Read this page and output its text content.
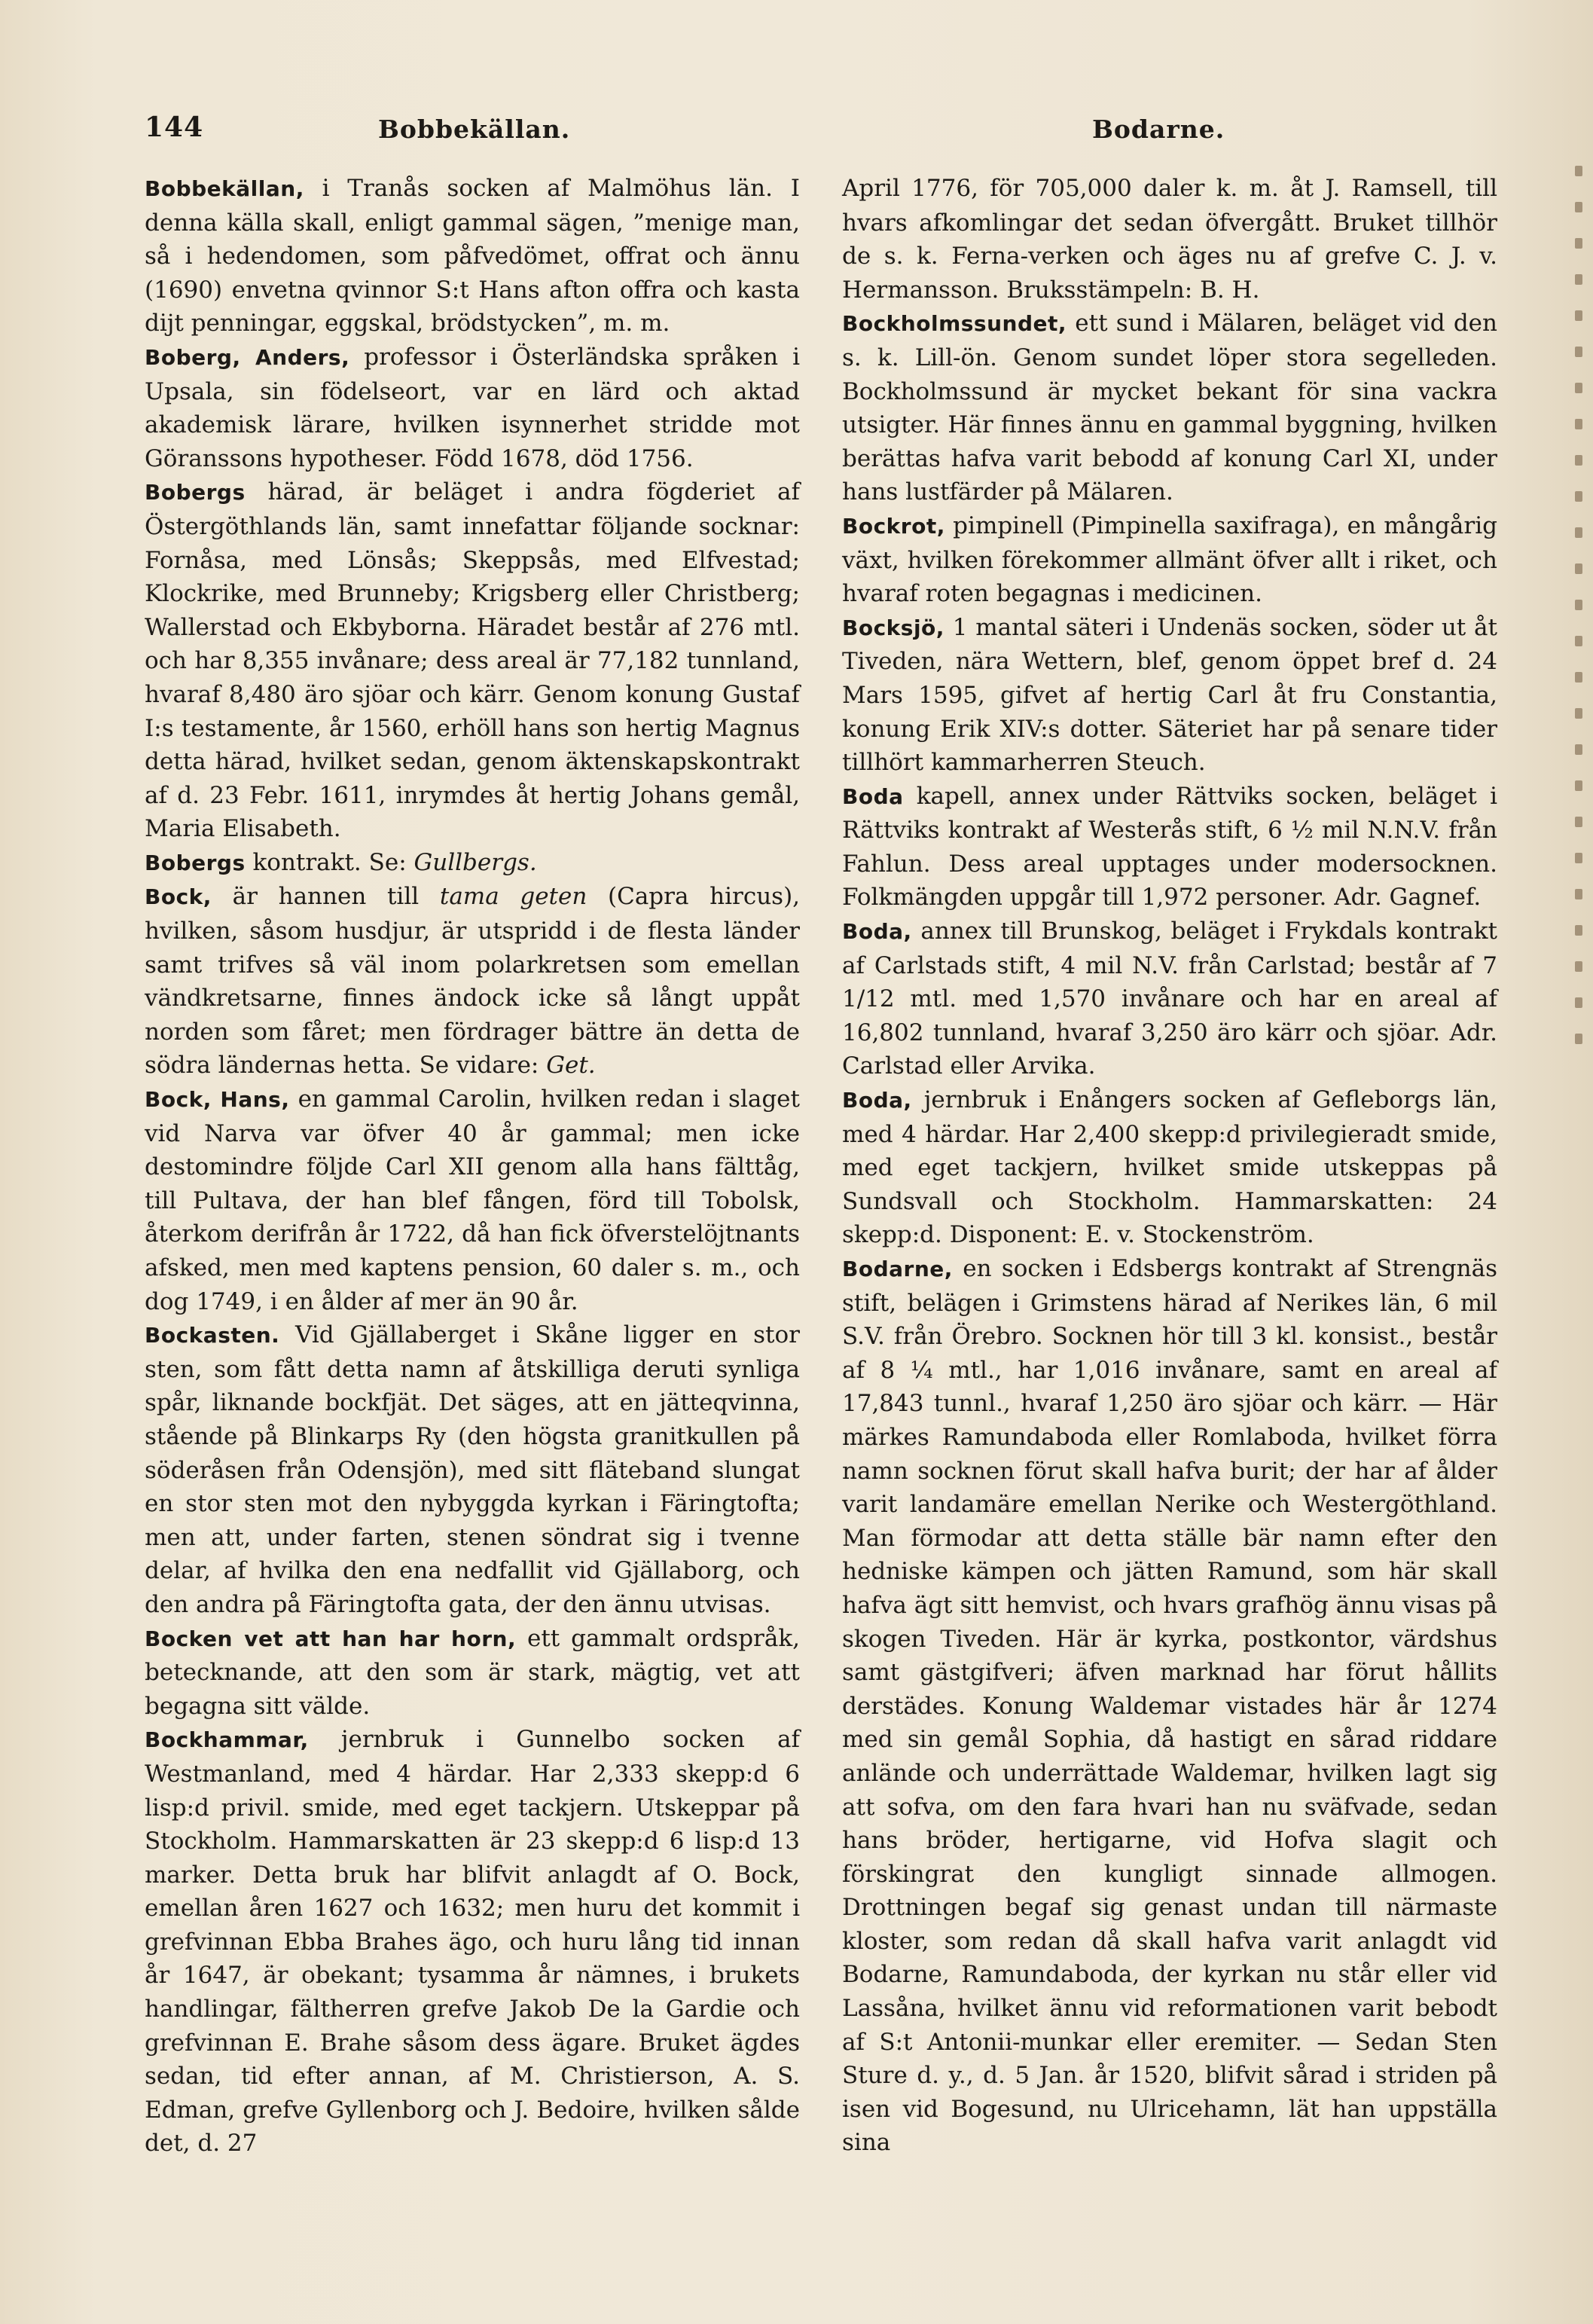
144	Bobbekällan.	Bodarne.

Bobbekällan, i Tranås socken af Malmöhus län. I denna källa skall, enligt gammal sägen, ”menige man, så i hedendomen, som påfvedömet, offrat och ännu (1690) envetna qvinnor S:t Hans afton offra och kasta dijt penningar, eggskal, brödstycken”, m. m.

Boberg, Anders, professor i Österländska språken i Upsala, sin födelseort, var en lärd och aktad akademisk lärare, hvilken isynnerhet stridde mot Göranssons hypotheser. Född 1678, död 1756.

Bobergs härad, är beläget i andra fögderiet af Östergöthlands län, samt innefattar följande socknar: Fornåsa, med Lönsås; Skeppsås, med Elfvestad; Klockrike, med Brunneby; Krigsberg eller Christberg; Wallerstad och Ekbyborna. Häradet består af 276 mtl. och har 8,355 invånare; dess areal är 77,182 tunnland, hvaraf 8,480 äro sjöar och kärr. Genom konung Gustaf I:s testamente, år 1560, erhöll hans son hertig Magnus detta härad, hvilket sedan, genom äktenskapskontrakt af d. 23 Febr. 1611, inrymdes åt hertig Johans gemål, Maria Elisabeth.

Bobergs kontrakt. Se: Gullbergs.

Bock, är hannen till tama geten (Capra hircus), hvilken, såsom husdjur, är utspridd i de flesta länder samt trifves så väl inom polarkretsen som emellan vändkretsarne, finnes ändock icke så långt uppåt norden som fåret; men fördrager bättre än detta de södra ländernas hetta. Se vidare: Get.

Bock, Hans, en gammal Carolin, hvilken redan i slaget vid Narva var öfver 40 år gammal; men icke destomindre följde Carl XII genom alla hans fälttåg, till Pultava, der han blef fången, förd till Tobolsk, återkom derifrån år 1722, då han fick öfverstelöjtnants afsked, men med kaptens pension, 60 daler s. m., och dog 1749, i en ålder af mer än 90 år.

Bockasten. Vid Gjällaberget i Skåne ligger en stor sten, som fått detta namn af åtskilliga deruti synliga spår, liknande bockfjät. Det säges, att en jätteqvinna, stående på Blinkarps Ry (den högsta granitkullen på söderåsen från Odensjön), med sitt fläteband slungat en stor sten mot den nybyggda kyrkan i Färingtofta; men att, under farten, stenen söndrat sig i tvenne delar, af hvilka den ena nedfallit vid Gjällaborg, och den andra på Färingtofta gata, der den ännu utvisas.

Bocken vet att han har horn, ett gammalt ordspråk, betecknande, att den som är stark, mägtig, vet att begagna sitt välde.

Bockhammar, jernbruk i Gunnelbo socken af Westmanland, med 4 härdar. Har 2,333 skepp:d 6 lisp:d privil. smide, med eget tackjern. Utskeppar på Stockholm. Hammarskatten är 23 skepp:d 6 lisp:d 13 marker. Detta bruk har blifvit anlagdt af O. Bock, emellan åren 1627 och 1632; men huru det kommit i grefvinnan Ebba Brahes ägo, och huru lång tid innan år 1647, är obekant; tysamma år nämnes, i brukets handlingar, fältherren grefve Jakob De la Gardie och grefvinnan E. Brahe såsom dess ägare. Bruket ägdes sedan, tid efter annan, af M. Christierson, A. S. Edman, grefve Gyllenborg och J. Bedoire, hvilken sålde det, d. 27

April 1776, för 705,000 daler k. m. åt J. Ramsell, till hvars afkomlingar det sedan öfvergått. Bruket tillhör de s. k. Ferna-verken och äges nu af grefve C. J. v. Hermansson. Bruksstämpeln: B. H.

Bockholmssundet, ett sund i Mälaren, beläget vid den s. k. Lill-ön. Genom sundet löper stora segelleden. Bockholmssund är mycket bekant för sina vackra utsigter. Här finnes ännu en gammal byggning, hvilken berättas hafva varit bebodd af konung Carl XI, under hans lustfärder på Mälaren.

Bockrot, pimpinell (Pimpinella saxifraga), en mångårig växt, hvilken förekommer allmänt öfver allt i riket, och hvaraf roten begagnas i medicinen.

Bocksjö, 1 mantal säteri i Undenäs socken, söder ut åt Tiveden, nära Wettern, blef, genom öppet bref d. 24 Mars 1595, gifvet af hertig Carl åt fru Constantia, konung Erik XIV:s dotter. Säteriet har på senare tider tillhört kammarherren Steuch.

Boda kapell, annex under Rättviks socken, beläget i Rättviks kontrakt af Westerås stift, 6 ½ mil N.N.V. från Fahlun. Dess areal upptages under modersocknen. Folkmängden uppgår till 1,972 personer. Adr. Gagnef.

Boda, annex till Brunskog, beläget i Frykdals kontrakt af Carlstads stift, 4 mil N.V. från Carlstad; består af 7 1/12 mtl. med 1,570 invånare och har en areal af 16,802 tunnland, hvaraf 3,250 äro kärr och sjöar. Adr. Carlstad eller Arvika.

Boda, jernbruk i Enångers socken af Gefleborgs län, med 4 härdar. Har 2,400 skepp:d privilegieradt smide, med eget tackjern, hvilket smide utskeppas på Sundsvall och Stockholm. Hammarskatten: 24 skepp:d. Disponent: E. v. Stockenström.

Bodarne, en socken i Edsbergs kontrakt af Strengnäs stift, belägen i Grimstens härad af Nerikes län, 6 mil S.V. från Örebro. Socknen hör till 3 kl. konsist., består af 8 ¼ mtl., har 1,016 invånare, samt en areal af 17,843 tunnl., hvaraf 1,250 äro sjöar och kärr. — Här märkes Ramundaboda eller Romlaboda, hvilket förra namn socknen förut skall hafva burit; der har af ålder varit landamäre emellan Nerike och Westergöthland. Man förmodar att detta ställe bär namn efter den hedniske kämpen och jätten Ramund, som här skall hafva ägt sitt hemvist, och hvars grafhög ännu visas på skogen Tiveden. Här är kyrka, postkontor, värdshus samt gästgifveri; äfven marknad har förut hållits derstädes. Konung Waldemar vistades här år 1274 med sin gemål Sophia, då hastigt en sårad riddare anlände och underrättade Waldemar, hvilken lagt sig att sofva, om den fara hvari han nu sväfvade, sedan hans bröder, hertigarne, vid Hofva slagit och förskingrat den kungligt sinnade allmogen. Drottningen begaf sig genast undan till närmaste kloster, som redan då skall hafva varit anlagdt vid Bodarne, Ramundaboda, der kyrkan nu står eller vid Lassåna, hvilket ännu vid reformationen varit bebodt af S:t Antonii-munkar eller eremiter. — Sedan Sten Sture d. y., d. 5 Jan. år 1520, blifvit sårad i striden på isen vid Bogesund, nu Ulricehamn, lät han uppställa sina
